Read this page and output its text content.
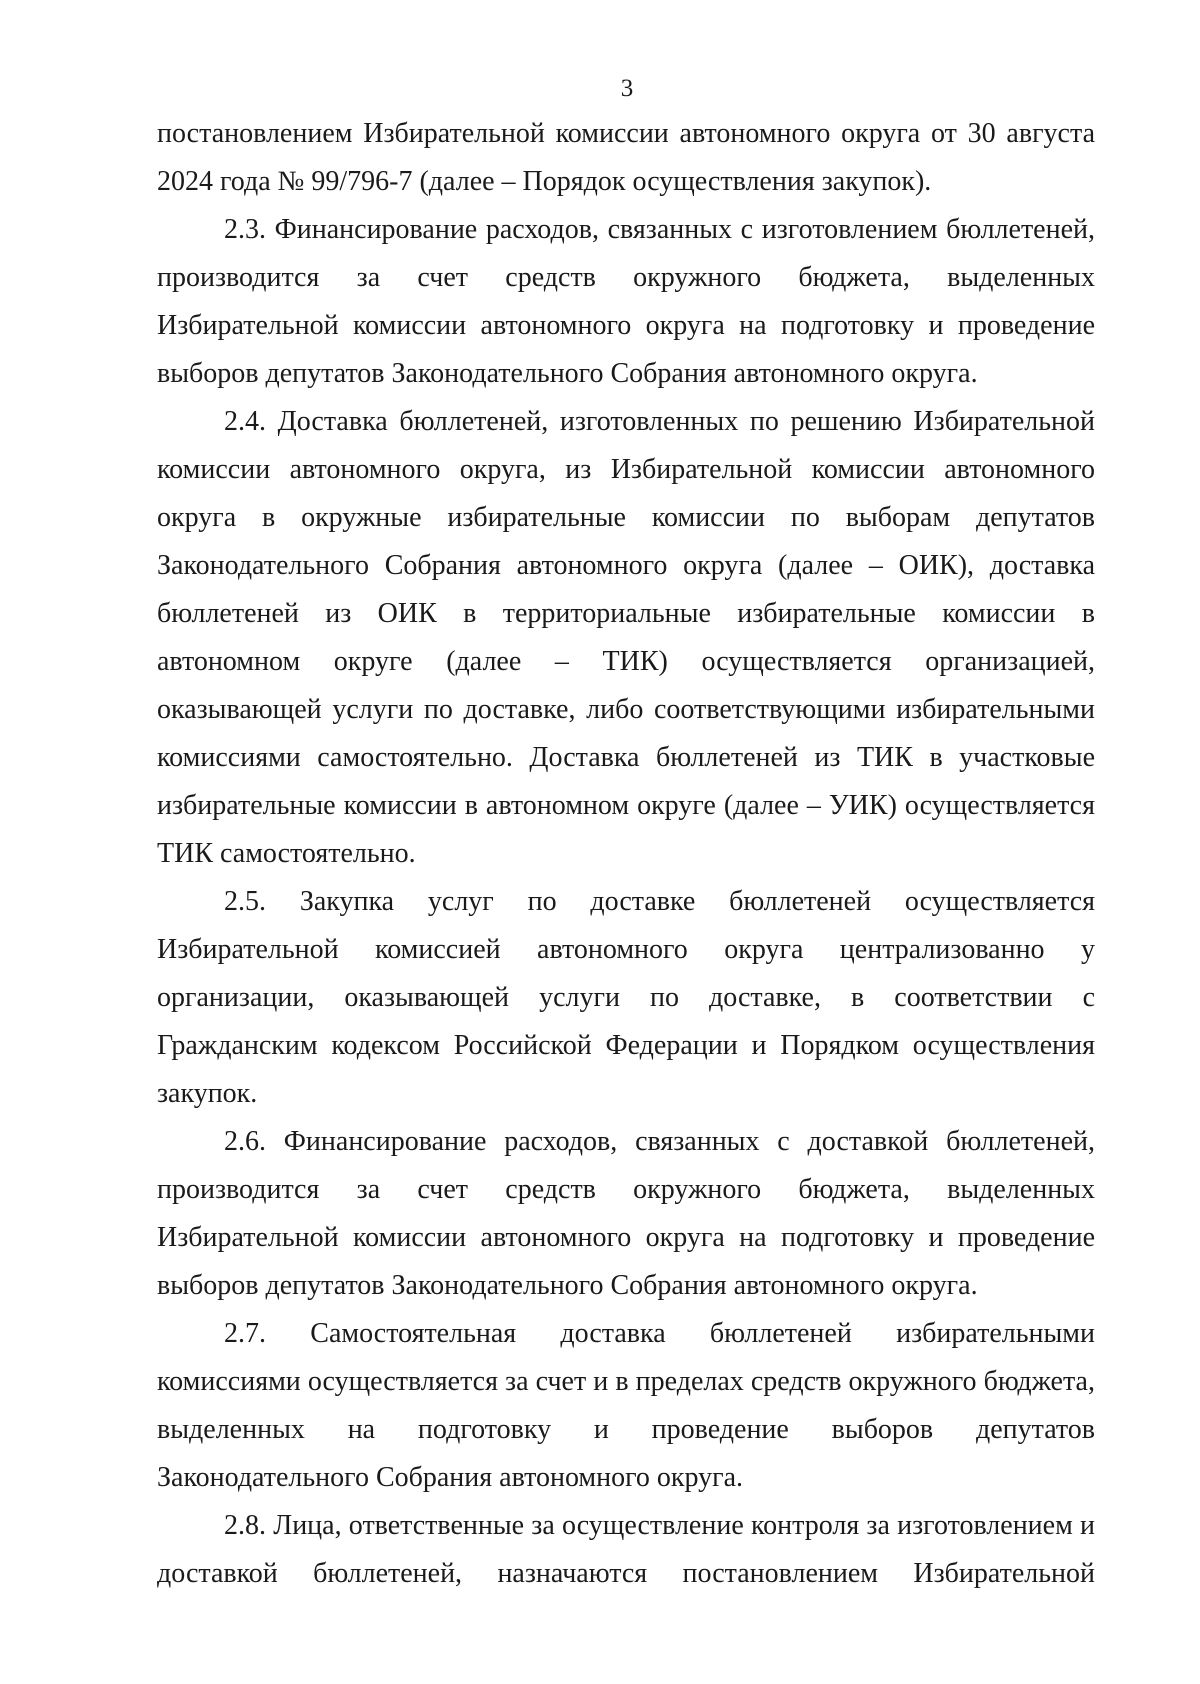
3

постановлением Избирательной комиссии автономного округа от 30 августа 2024 года № 99/796-7 (далее – Порядок осуществления закупок).

2.3. Финансирование расходов, связанных с изготовлением бюллетеней, производится за счет средств окружного бюджета, выделенных Избирательной комиссии автономного округа на подготовку и проведение выборов депутатов Законодательного Собрания автономного округа.

2.4. Доставка бюллетеней, изготовленных по решению Избирательной комиссии автономного округа, из Избирательной комиссии автономного округа в окружные избирательные комиссии по выборам депутатов Законодательного Собрания автономного округа (далее – ОИК), доставка бюллетеней из ОИК в территориальные избирательные комиссии в автономном округе (далее – ТИК) осуществляется организацией, оказывающей услуги по доставке, либо соответствующими избирательными комиссиями самостоятельно. Доставка бюллетеней из ТИК в участковые избирательные комиссии в автономном округе (далее – УИК) осуществляется ТИК самостоятельно.

2.5. Закупка услуг по доставке бюллетеней осуществляется Избирательной комиссией автономного округа централизованно у организации, оказывающей услуги по доставке, в соответствии с Гражданским кодексом Российской Федерации и Порядком осуществления закупок.

2.6. Финансирование расходов, связанных с доставкой бюллетеней, производится за счет средств окружного бюджета, выделенных Избирательной комиссии автономного округа на подготовку и проведение выборов депутатов Законодательного Собрания автономного округа.

2.7. Самостоятельная доставка бюллетеней избирательными комиссиями осуществляется за счет и в пределах средств окружного бюджета, выделенных на подготовку и проведение выборов депутатов Законодательного Собрания автономного округа.

2.8. Лица, ответственные за осуществление контроля за изготовлением и доставкой бюллетеней, назначаются постановлением Избирательной
